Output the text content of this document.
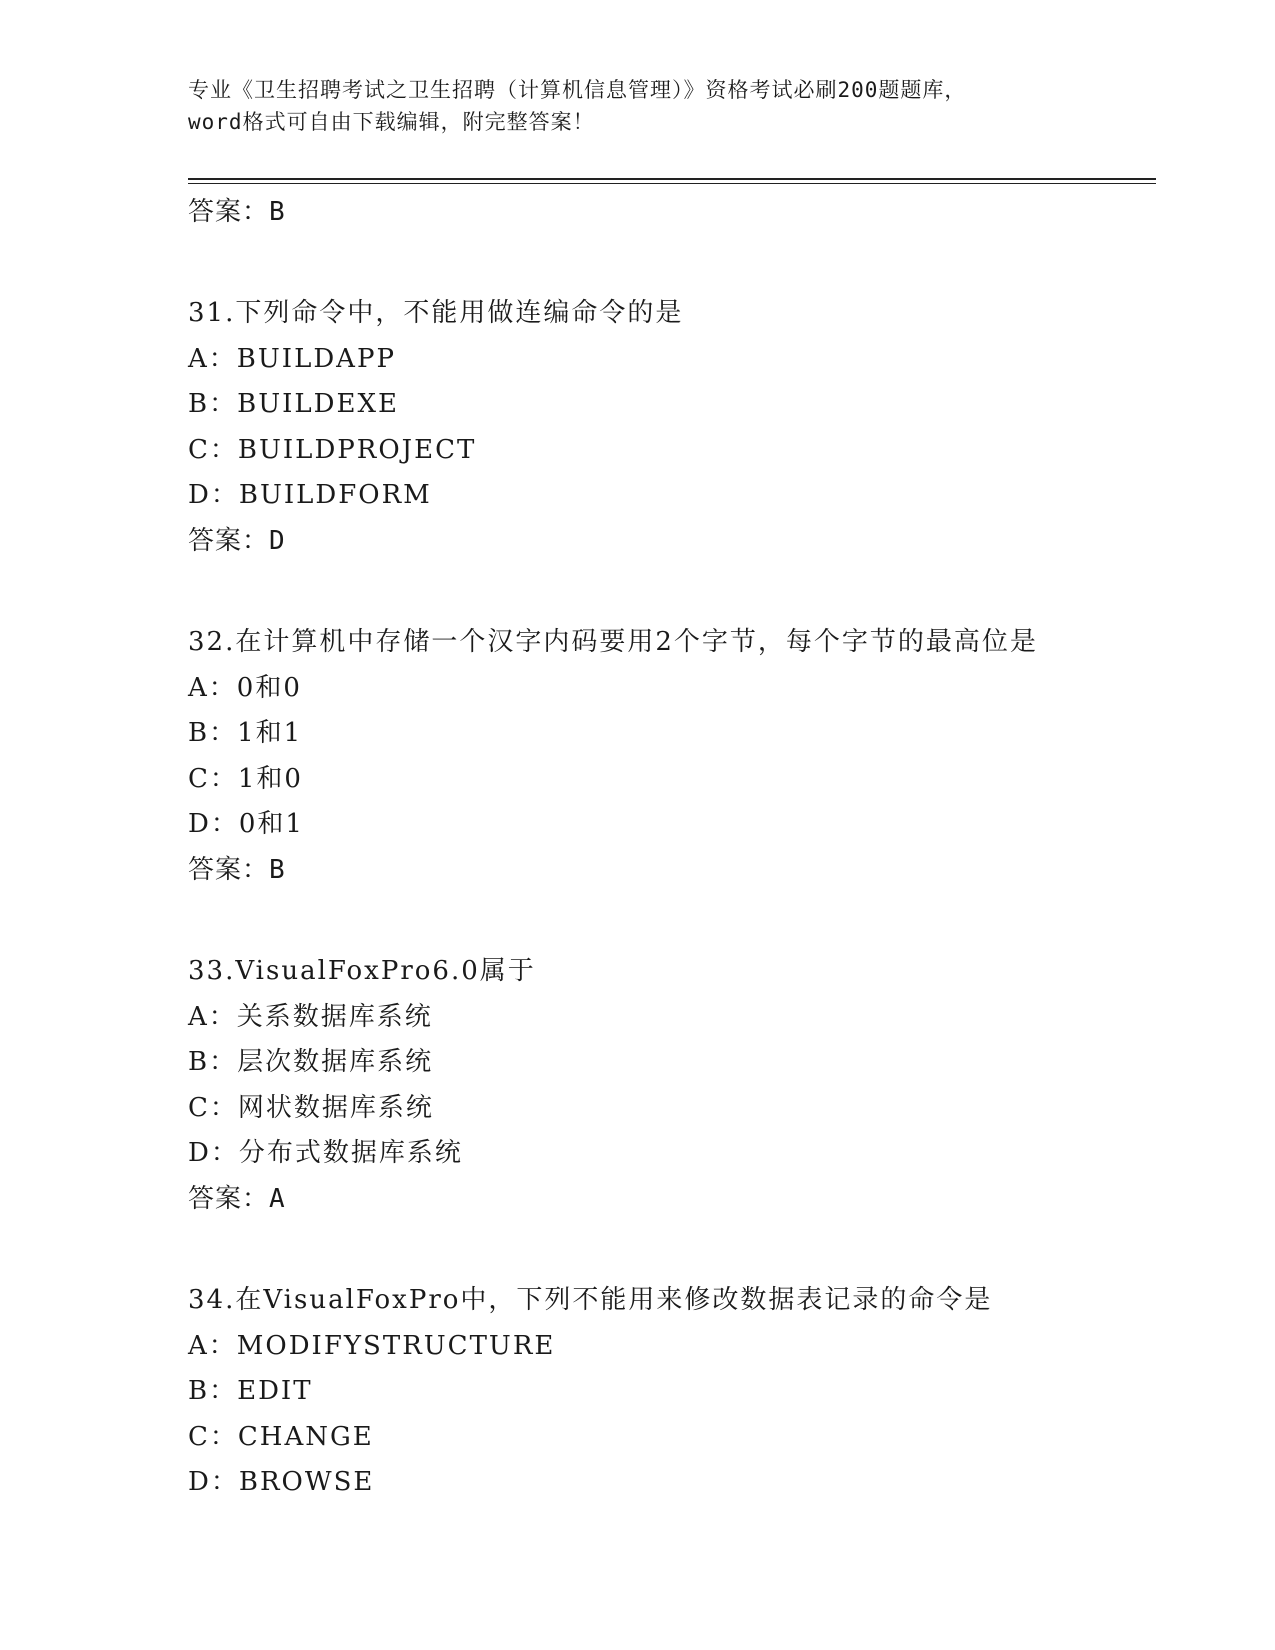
专业《卫生招聘考试之卫生招聘（计算机信息管理）》资格考试必刷200题题库，
word格式可自由下载编辑，附完整答案！
答案：B
31.下列命令中，不能用做连编命令的是
A：BUILDAPP
B：BUILDEXE
C：BUILDPROJECT
D：BUILDFORM
答案：D
32.在计算机中存储一个汉字内码要用2个字节，每个字节的最高位是
A：0和0
B：1和1
C：1和0
D：0和1
答案：B
33.VisualFoxPro6.0属于
A：关系数据库系统
B：层次数据库系统
C：网状数据库系统
D：分布式数据库系统
答案：A
34.在VisualFoxPro中，下列不能用来修改数据表记录的命令是
A：MODIFYSTRUCTURE
B：EDIT
C：CHANGE
D：BROWSE
